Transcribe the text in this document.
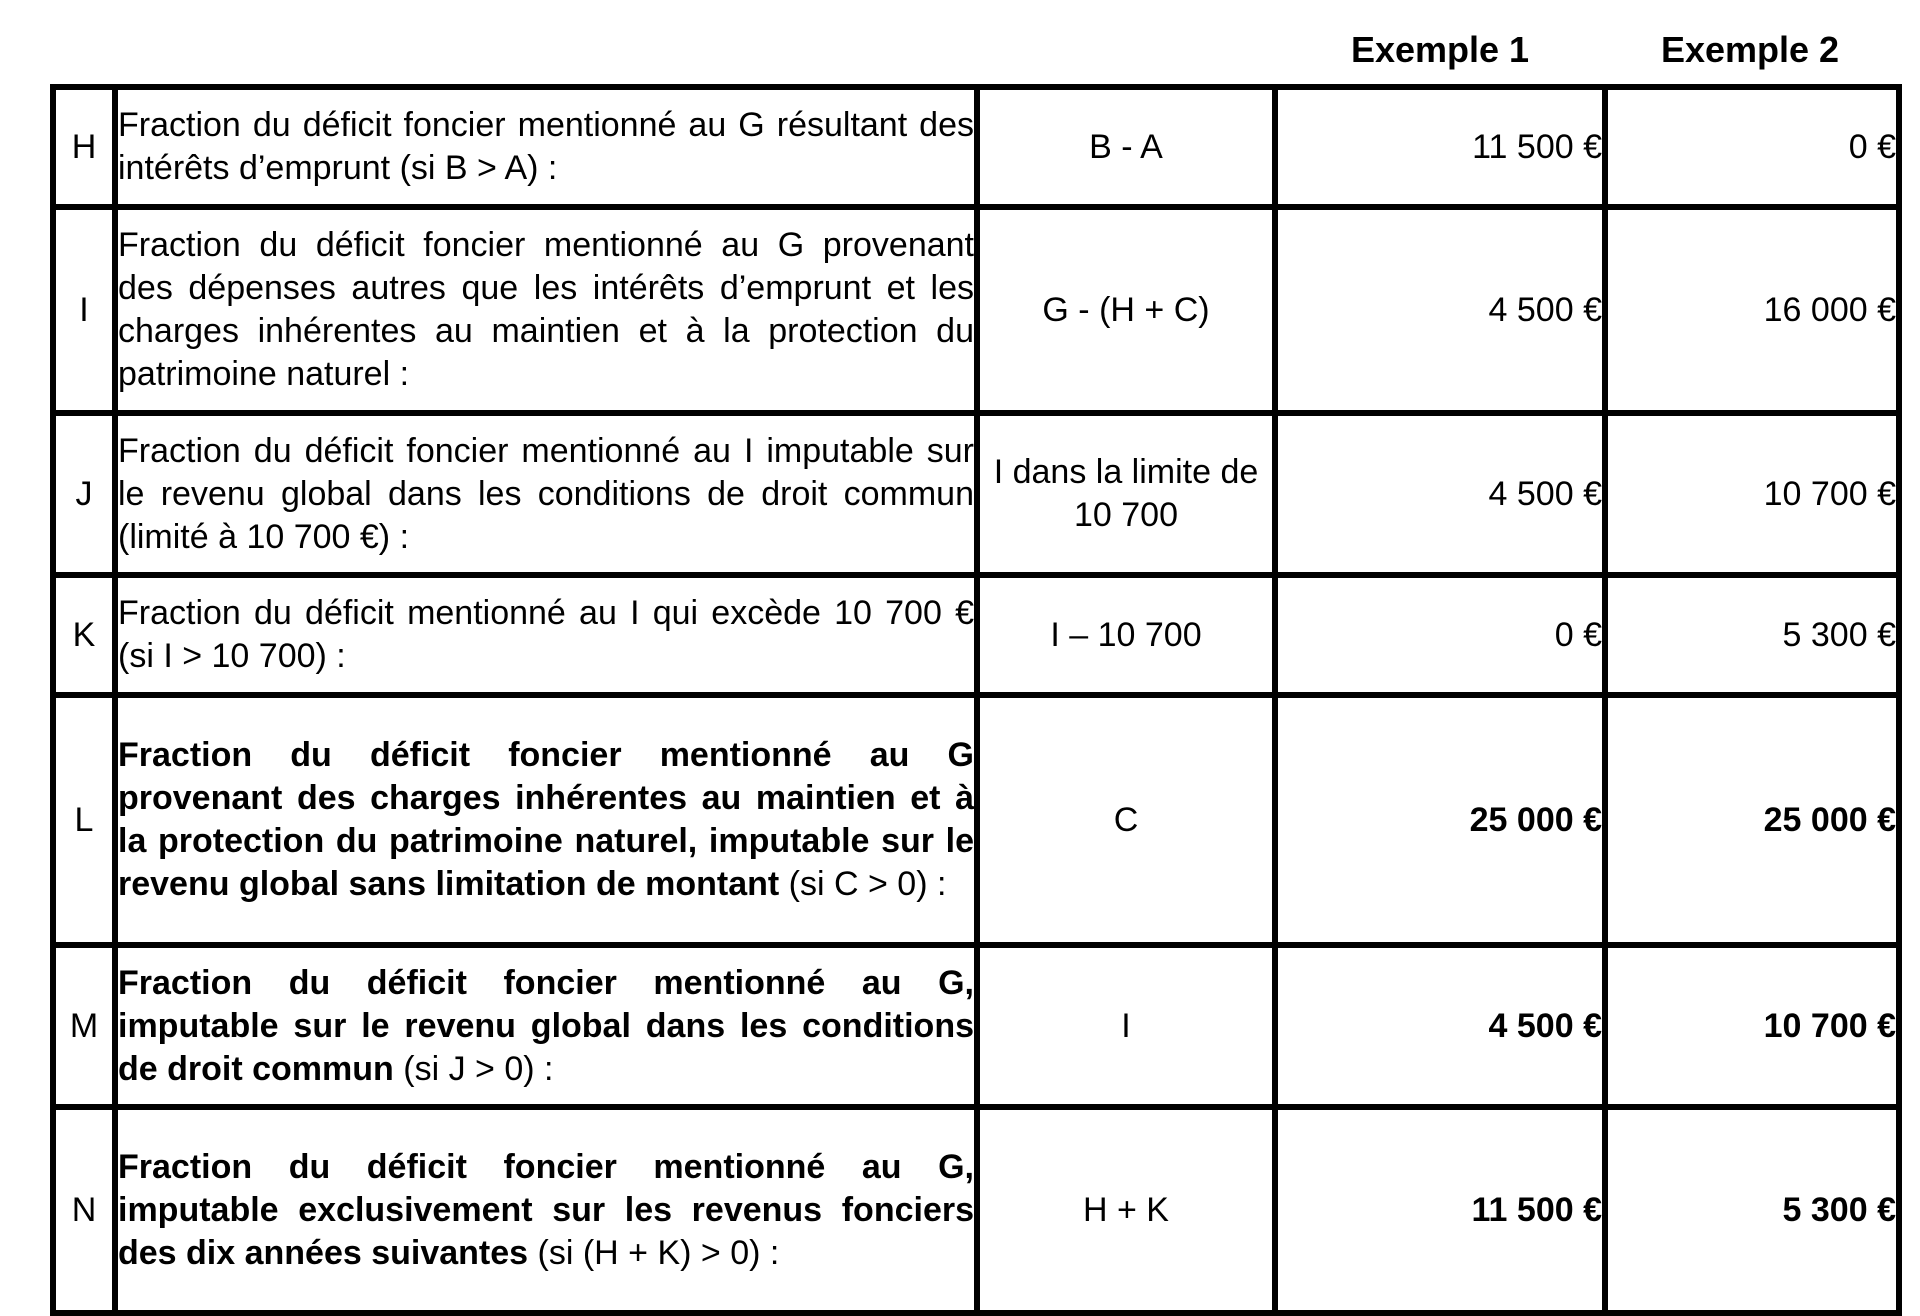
Exemple 1	Exemple 2
H	Fraction du déficit foncier mentionné au G résultant des intérêts d’emprunt (si B > A) :	B - A	11 500 €	0 €
I	Fraction du déficit foncier mentionné au G provenant des dépenses autres que les intérêts d’emprunt et les charges inhérentes au maintien et à la protection du patrimoine naturel :	G - (H + C)	4 500 €	16 000 €
J	Fraction du déficit foncier mentionné au I imputable sur le revenu global dans les conditions de droit commun (limité à 10 700 €) :	I dans la limite de 10 700	4 500 €	10 700 €
K	Fraction du déficit mentionné au I qui excède 10 700 € (si I > 10 700) :	I – 10 700	0 €	5 300 €
L	Fraction du déficit foncier mentionné au G provenant des charges inhérentes au maintien et à la protection du patrimoine naturel, imputable sur le revenu global sans limitation de montant (si C > 0) :	C	25 000 €	25 000 €
M	Fraction du déficit foncier mentionné au G, imputable sur le revenu global dans les conditions de droit commun (si J > 0) :	I	4 500 €	10 700 €
N	Fraction du déficit foncier mentionné au G, imputable exclusivement sur les revenus fonciers des dix années suivantes (si (H + K) > 0) :	H + K	11 500 €	5 300 €
